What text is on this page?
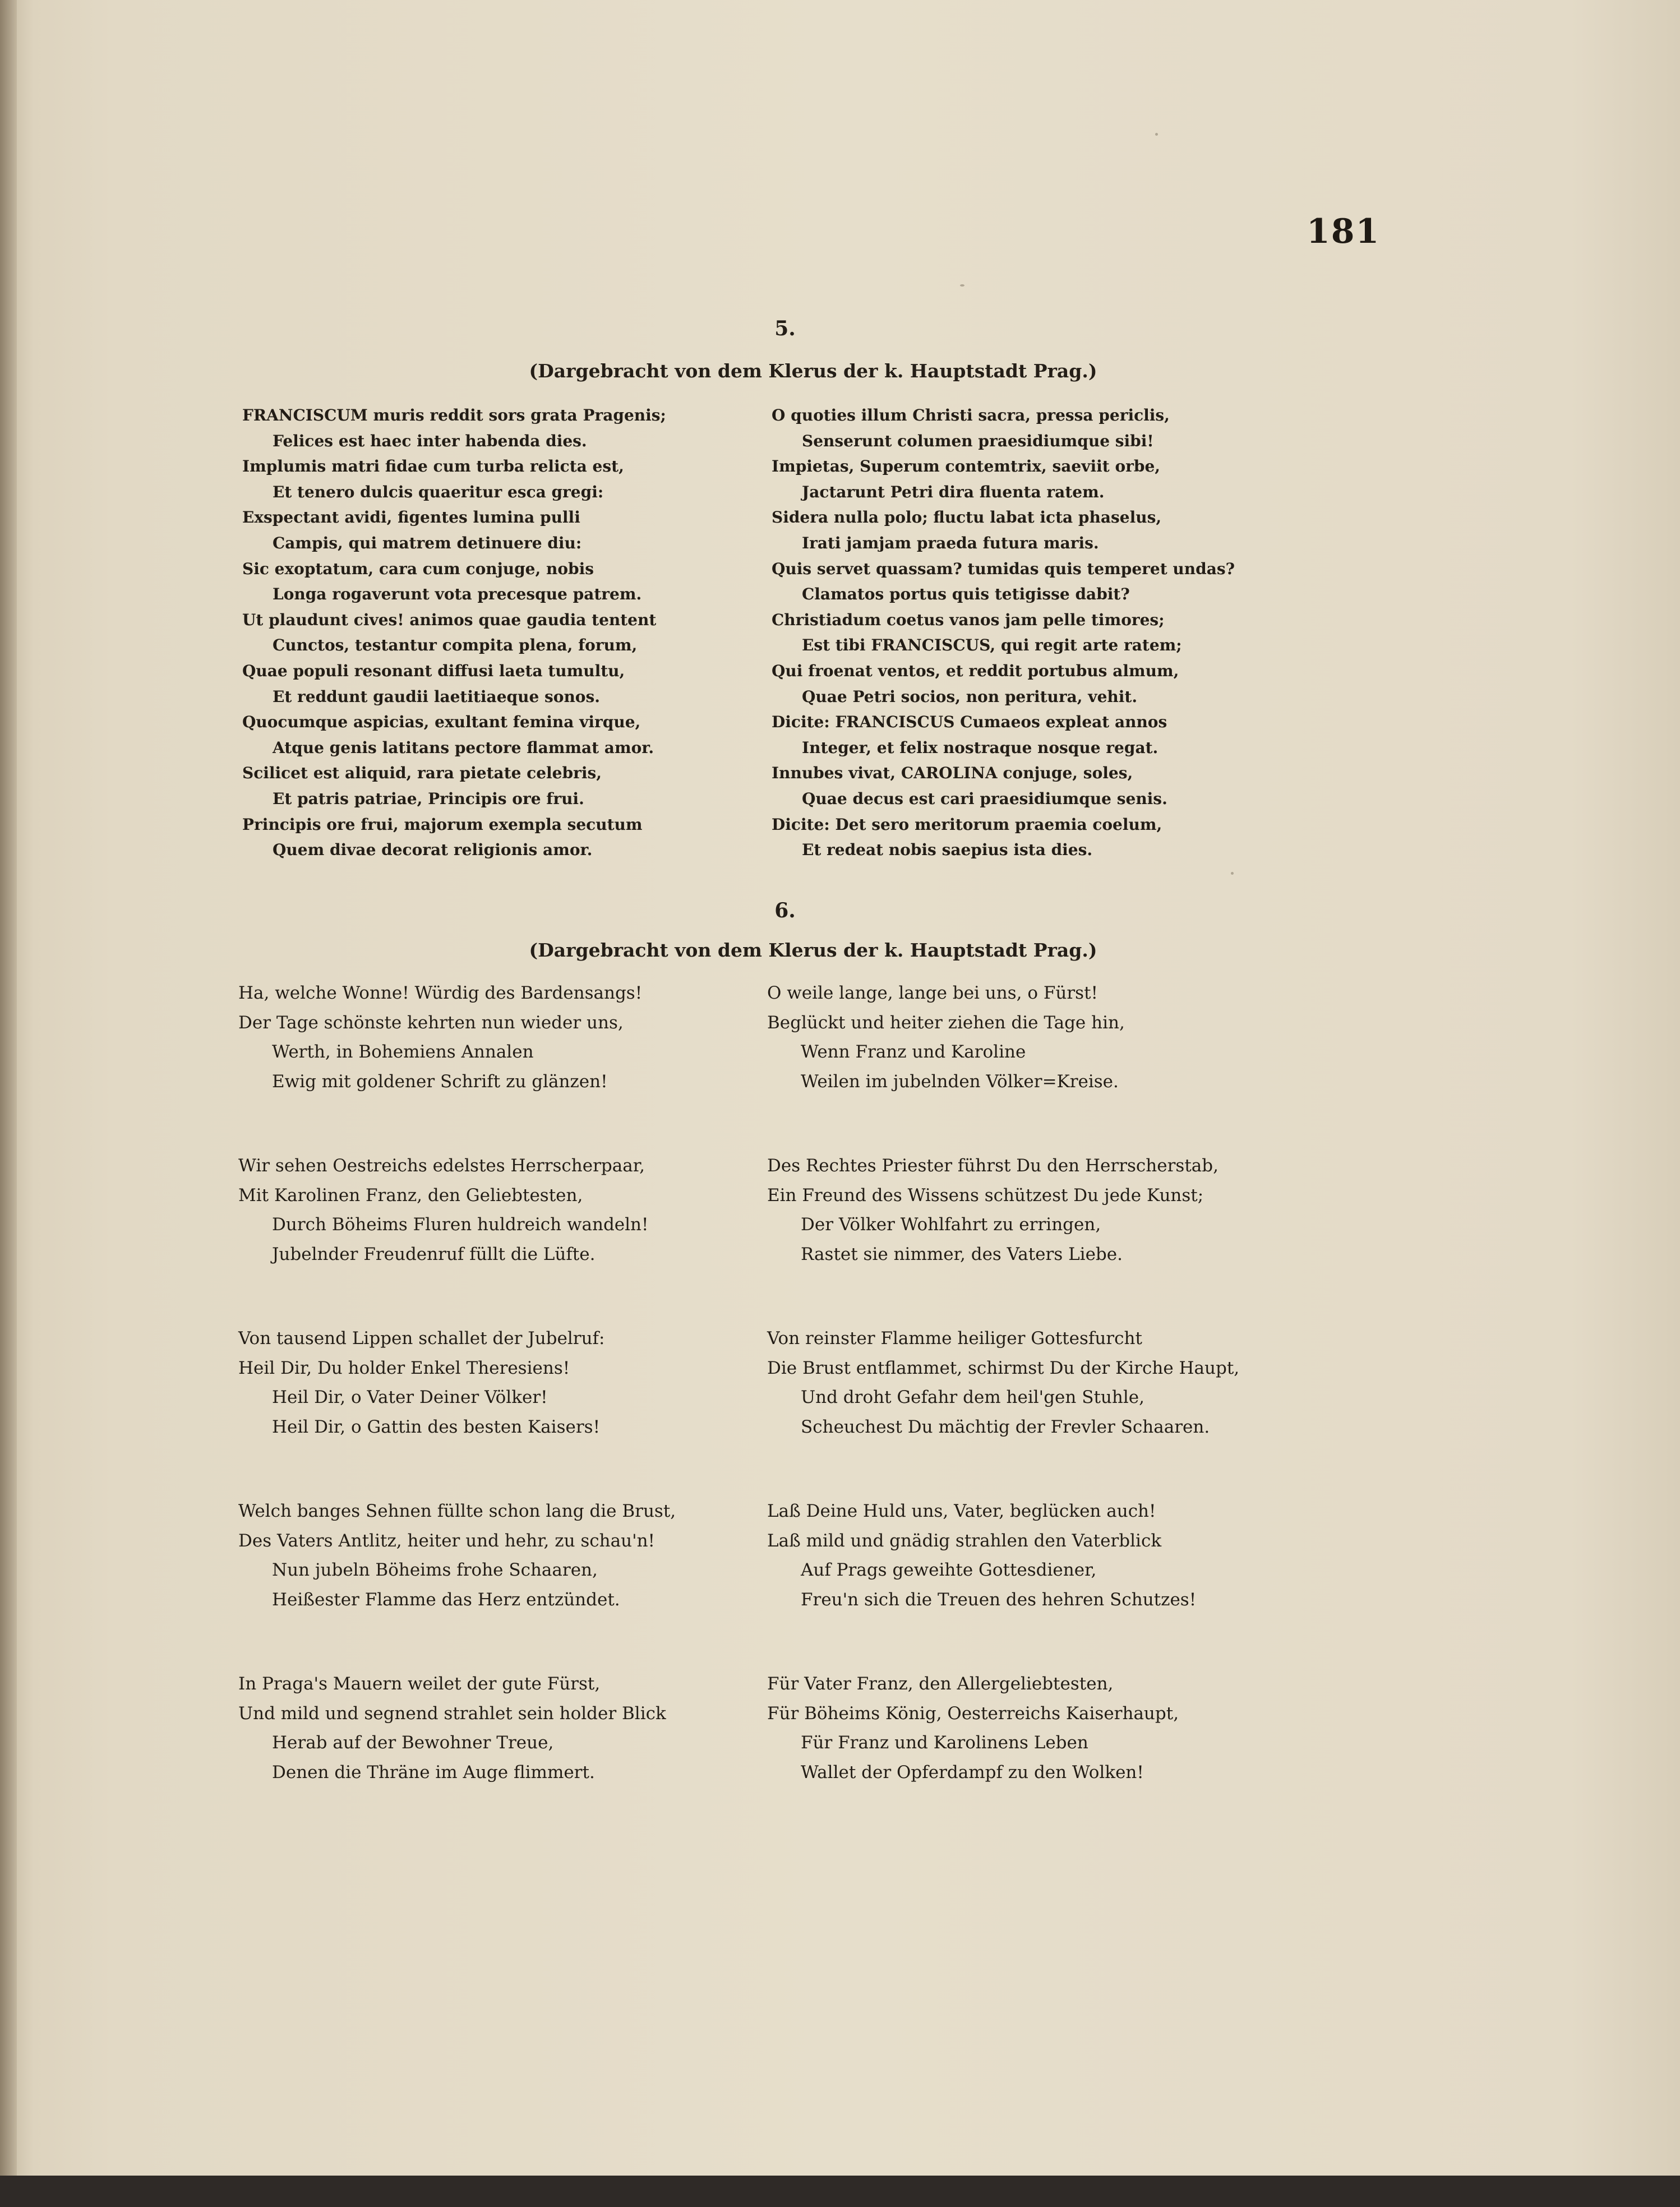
181
5.
(Dargebracht von dem Klerus der k. Hauptstadt Prag.)
FRANCISCUM muris reddit sors grata Pragenis;
Felices est haec inter habenda dies.
Implumis matri fidae cum turba relicta est,
Et tenero dulcis quaeritur esca gregi:
Exspectant avidi, figentes lumina pulli
Campis, qui matrem detinuere diu:
Sic exoptatum, cara cum conjuge, nobis
Longa rogaverunt vota precesque patrem.
Ut plaudunt cives! animos quae gaudia tentent
Cunctos, testantur compita plena, forum,
Quae populi resonant diffusi laeta tumultu,
Et reddunt gaudii laetitiaeque sonos.
Quocumque aspicias, exultant femina virque,
Atque genis latitans pectore flammat amor.
Scilicet est aliquid, rara pietate celebris,
Et patris patriae, Principis ore frui.
Principis ore frui, majorum exempla secutum
Quem divae decorat religionis amor.
O quoties illum Christi sacra, pressa periclis,
Senserunt columen praesidiumque sibi!
Impietas, Superum contemtrix, saeviit orbe,
Jactarunt Petri dira fluenta ratem.
Sidera nulla polo; fluctu labat icta phaselus,
Irati jamjam praeda futura maris.
Quis servet quassam? tumidas quis temperet undas?
Clamatos portus quis tetigisse dabit?
Christiadum coetus vanos jam pelle timores;
Est tibi FRANCISCUS, qui regit arte ratem;
Qui froenat ventos, et reddit portubus almum,
Quae Petri socios, non peritura, vehit.
Dicite: FRANCISCUS Cumaeos expleat annos
Integer, et felix nostraque nosque regat.
Innubes vivat, CAROLINA conjuge, soles,
Quae decus est cari praesidiumque senis.
Dicite: Det sero meritorum praemia coelum,
Et redeat nobis saepius ista dies.
6.
(Dargebracht von dem Klerus der k. Hauptstadt Prag.)
Ha, welche Wonne! Würdig des Bardensangs!
Der Tage schönste kehrten nun wieder uns,
Werth, in Bohemiens Annalen
Ewig mit goldener Schrift zu glänzen!
Wir sehen Oestreichs edelstes Herrscherpaar,
Mit Karolinen Franz, den Geliebtesten,
Durch Böheims Fluren huldreich wandeln!
Jubelnder Freudenruf füllt die Lüfte.
Von tausend Lippen schallet der Jubelruf:
Heil Dir, Du holder Enkel Theresiens!
Heil Dir, o Vater Deiner Völker!
Heil Dir, o Gattin des besten Kaisers!
Welch banges Sehnen füllte schon lang die Brust,
Des Vaters Antlitz, heiter und hehr, zu schau'n!
Nun jubeln Böheims frohe Schaaren,
Heißester Flamme das Herz entzündet.
In Praga's Mauern weilet der gute Fürst,
Und mild und segnend strahlet sein holder Blick
Herab auf der Bewohner Treue,
Denen die Thräne im Auge flimmert.
O weile lange, lange bei uns, o Fürst!
Beglückt und heiter ziehen die Tage hin,
Wenn Franz und Karoline
Weilen im jubelnden Völker=Kreise.
Des Rechtes Priester führst Du den Herrscherstab,
Ein Freund des Wissens schützest Du jede Kunst;
Der Völker Wohlfahrt zu erringen,
Rastet sie nimmer, des Vaters Liebe.
Von reinster Flamme heiliger Gottesfurcht
Die Brust entflammet, schirmst Du der Kirche Haupt,
Und droht Gefahr dem heil'gen Stuhle,
Scheuchest Du mächtig der Frevler Schaaren.
Laß Deine Huld uns, Vater, beglücken auch!
Laß mild und gnädig strahlen den Vaterblick
Auf Prags geweihte Gottesdiener,
Freu'n sich die Treuen des hehren Schutzes!
Für Vater Franz, den Allergeliebtesten,
Für Böheims König, Oesterreichs Kaiserhaupt,
Für Franz und Karolinens Leben
Wallet der Opferdampf zu den Wolken!
